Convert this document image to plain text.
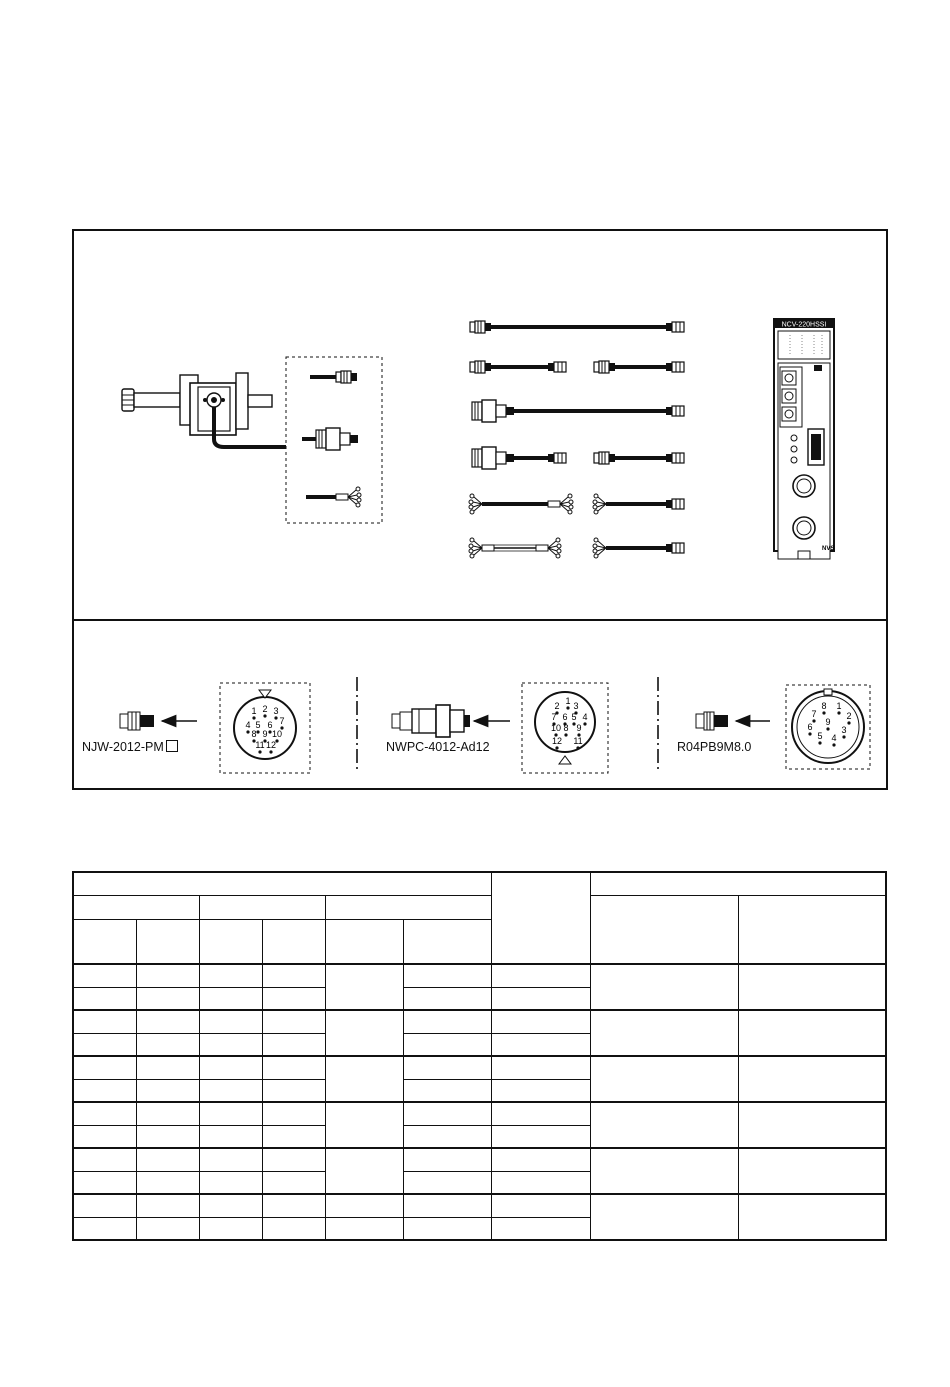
NCV-220HSSI
NVS
1 2 3
4 5 6 7
8 9 10
11 12
1
2 3
4
5
6
7
8 9
10
11
12
1
2
3
4
5
6
7
8
9
NJW-2012-PM	NWPC-4012-Ad12	R04PB9M8.0
